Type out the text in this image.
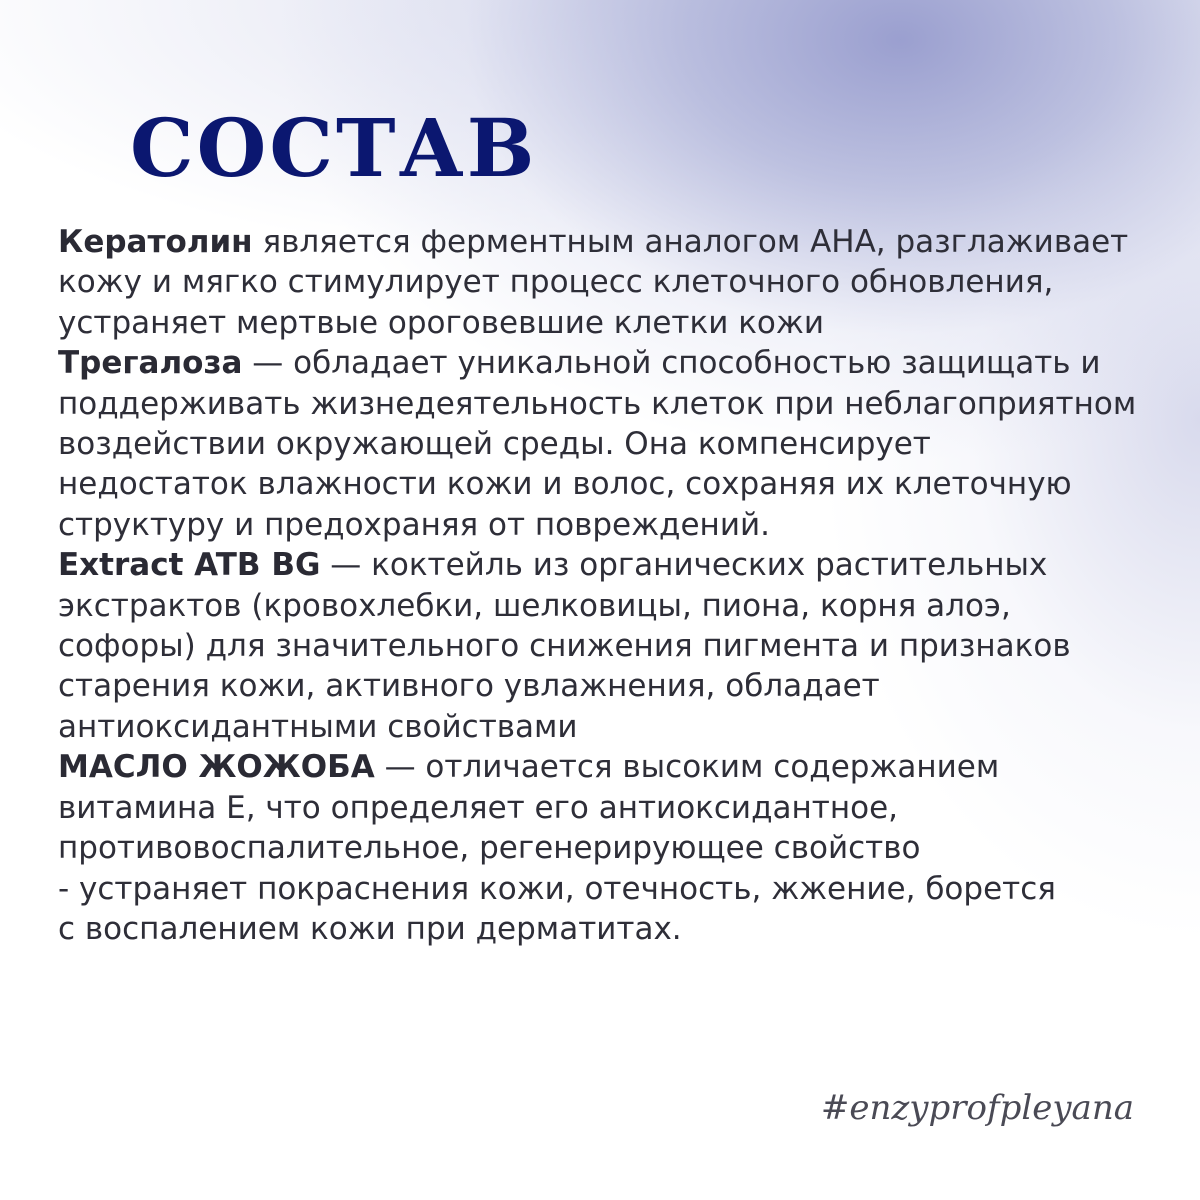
СОСТАВ

Кератолин является ферментным аналогом АНА, разглаживает
кожу и мягко стимулирует процесс клеточного обновления,
устраняет мертвые ороговевшие клетки кожи

Трегалоза — обладает уникальной способностью защищать и
поддерживать жизнедеятельность клеток при неблагоприятном
воздействии окружающей среды. Она компенсирует
недостаток влажности кожи и волос, сохраняя их клеточную
структуру и предохраняя от повреждений.

Extract ATB BG — коктейль из органических растительных
экстрактов (кровохлебки, шелковицы, пиона, корня алоэ,
софоры) для значительного снижения пигмента и признаков
старения кожи, активного увлажнения, обладает
антиоксидантными свойствами

МАСЛО ЖОЖОБА — отличается высоким содержанием
витамина Е, что определяет его антиоксидантное,
противовоспалительное, регенерирующее свойство
- устраняет покраснения кожи, отечность, жжение, борется
с воспалением кожи при дерматитах.

#enzyprofpleyana
